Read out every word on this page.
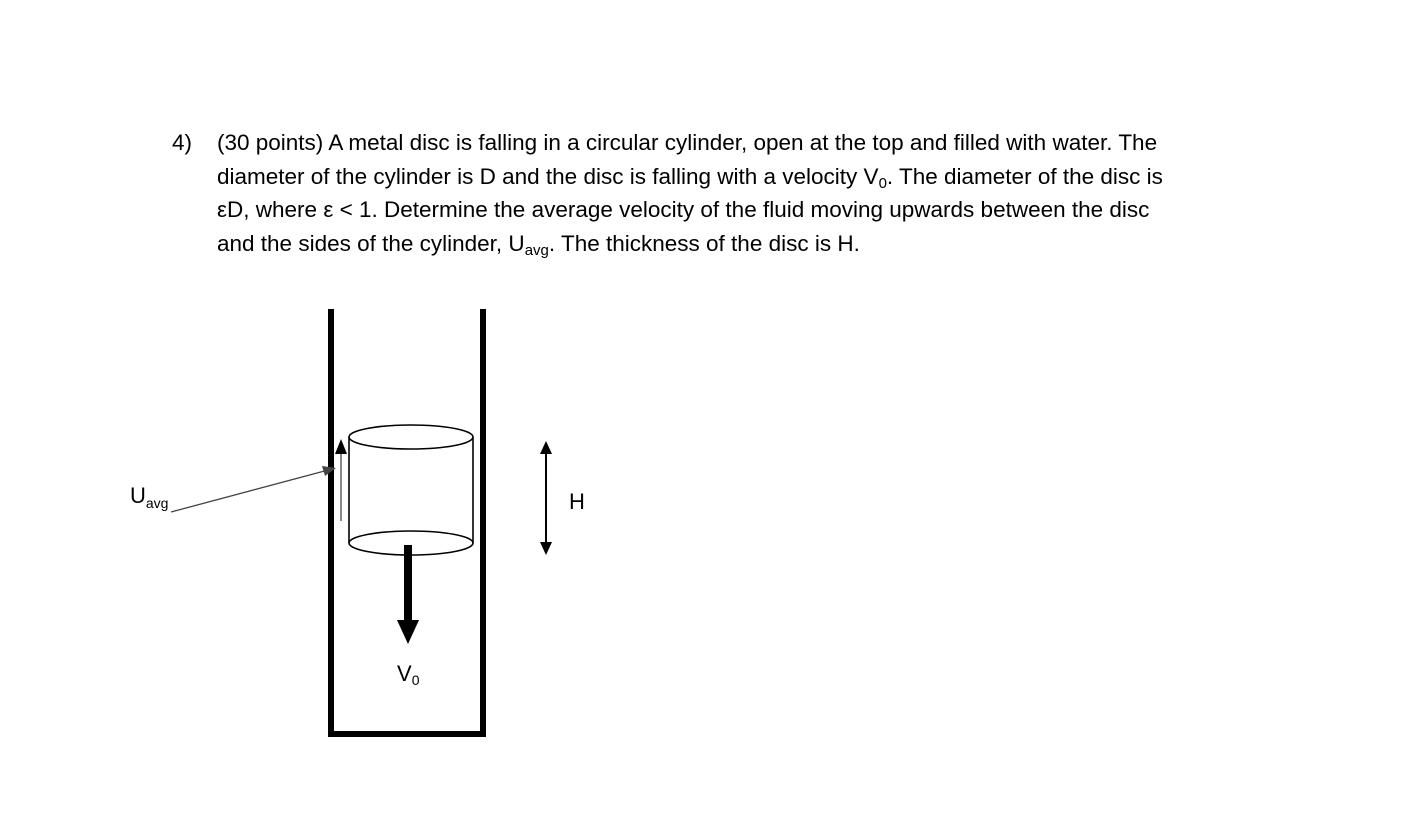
4) (30 points) A metal disc is falling in a circular cylinder, open at the top and filled with water. The
diameter of the cylinder is D and the disc is falling with a velocity $V_0$. The diameter of the disc is
εD, where ε < 1. Determine the average velocity of the fluid moving upwards between the disc
and the sides of the cylinder, $U_{avg}$. The thickness of the disc is H.
$U_{avg}$	H
V0
